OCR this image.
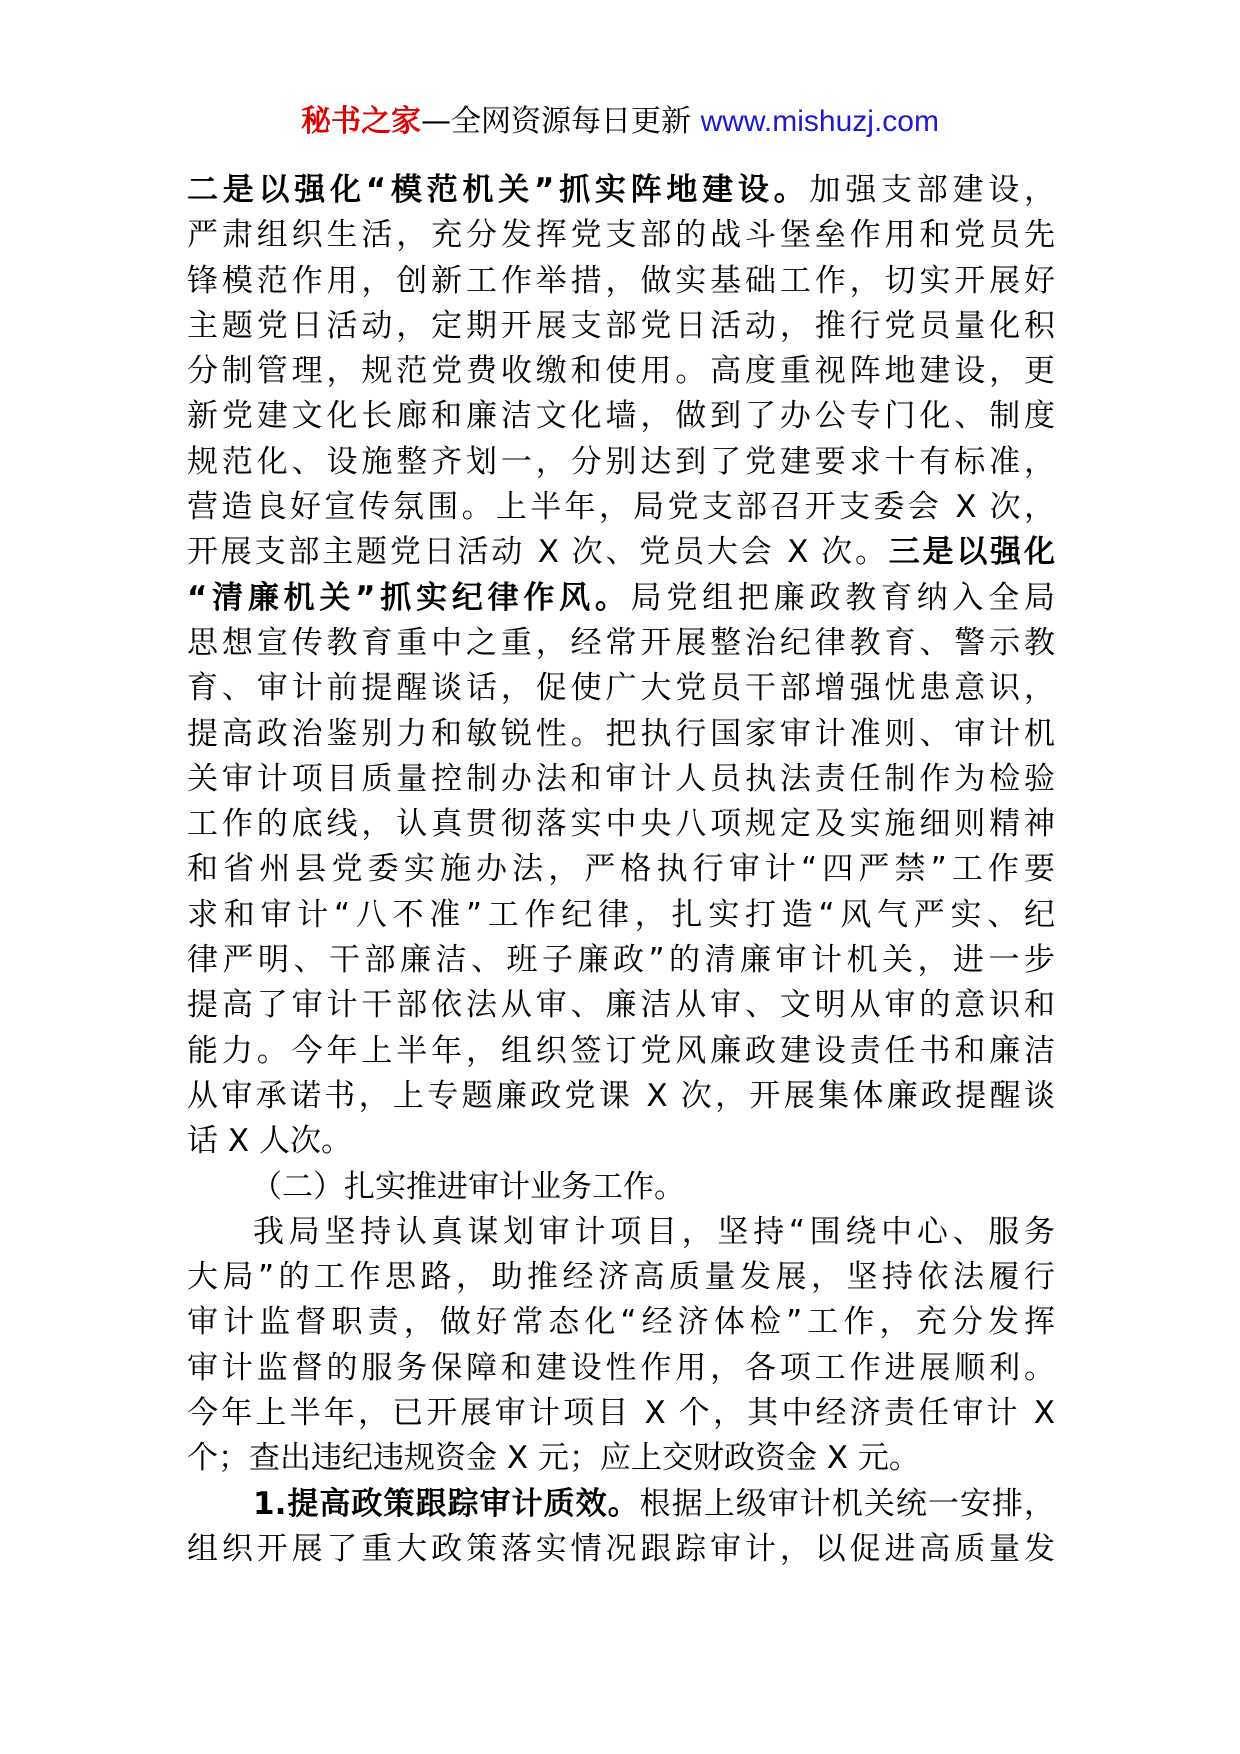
秘书之家—全网资源每日更新 www.mishuzj.com
二是以强化“模范机关”抓实阵地建设。加强支部建设，
严肃组织生活，充分发挥党支部的战斗堡垒作用和党员先
锋模范作用，创新工作举措，做实基础工作，切实开展好
主题党日活动，定期开展支部党日活动，推行党员量化积
分制管理，规范党费收缴和使用。高度重视阵地建设，更
新党建文化长廊和廉洁文化墙，做到了办公专门化、制度
规范化、设施整齐划一，分别达到了党建要求十有标准，
营造良好宣传氛围。上半年，局党支部召开支委会 X 次，
开展支部主题党日活动 X 次、党员大会 X 次。三是以强化
“清廉机关”抓实纪律作风。局党组把廉政教育纳入全局
思想宣传教育重中之重，经常开展整治纪律教育、警示教
育、审计前提醒谈话，促使广大党员干部增强忧患意识，
提高政治鉴别力和敏锐性。把执行国家审计准则、审计机
关审计项目质量控制办法和审计人员执法责任制作为检验
工作的底线，认真贯彻落实中央八项规定及实施细则精神
和省州县党委实施办法，严格执行审计“四严禁”工作要
求和审计“八不准”工作纪律，扎实打造“风气严实、纪
律严明、干部廉洁、班子廉政”的清廉审计机关，进一步
提高了审计干部依法从审、廉洁从审、文明从审的意识和
能力。今年上半年，组织签订党风廉政建设责任书和廉洁
从审承诺书，上专题廉政党课 X 次，开展集体廉政提醒谈
话 X 人次。
（二）扎实推进审计业务工作。
我局坚持认真谋划审计项目，坚持“围绕中心、服务
大局”的工作思路，助推经济高质量发展，坚持依法履行
审计监督职责，做好常态化“经济体检”工作，充分发挥
审计监督的服务保障和建设性作用，各项工作进展顺利。
今年上半年，已开展审计项目 X 个，其中经济责任审计 X
个；查出违纪违规资金 X 元；应上交财政资金 X 元。
1.提高政策跟踪审计质效。根据上级审计机关统一安排，
组织开展了重大政策落实情况跟踪审计，以促进高质量发
